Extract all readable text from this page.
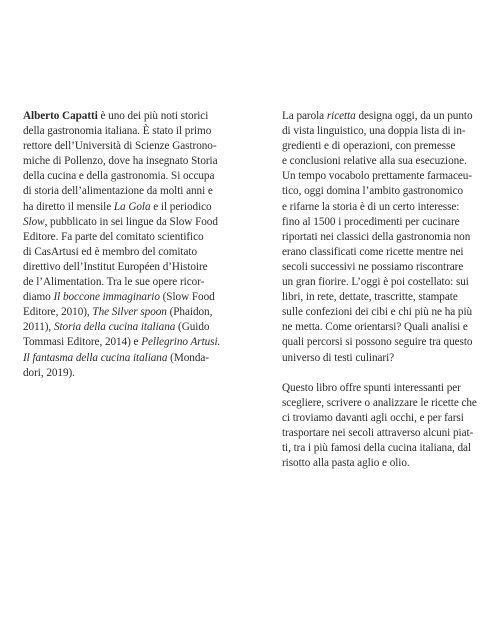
Alberto Capatti è uno dei più noti storici
della gastronomia italiana. È stato il primo
rettore dell’Università di Scienze Gastrono-
miche di Pollenzo, dove ha insegnato Storia
della cucina e della gastronomia. Si occupa
di storia dell’alimentazione da molti anni e
ha diretto il mensile La Gola e il periodico
Slow, pubblicato in sei lingue da Slow Food
Editore. Fa parte del comitato scientifico
di CasArtusi ed è membro del comitato
direttivo dell’Institut Européen d’Histoire
de l’Alimentation. Tra le sue opere ricor-
diamo Il boccone immaginario (Slow Food
Editore, 2010), The Silver spoon (Phaidon,
2011), Storia della cucina italiana (Guido
Tommasi Editore, 2014) e Pellegrino Artusi.
Il fantasma della cucina italiana (Monda-
dori, 2019).
La parola ricetta designa oggi, da un punto
di vista linguistico, una doppia lista di in-
gredienti e di operazioni, con premesse
e conclusioni relative alla sua esecuzione.
Un tempo vocabolo prettamente farmaceu-
tico, oggi domina l’ambito gastronomico
e rifarne la storia è di un certo interesse:
fino al 1500 i procedimenti per cucinare
riportati nei classici della gastronomia non
erano classificati come ricette mentre nei
secoli successivi ne possiamo riscontrare
un gran fiorire. L’oggi è poi costellato: sui
libri, in rete, dettate, trascritte, stampate
sulle confezioni dei cibi e chi più ne ha più
ne metta. Come orientarsi? Quali analisi e
quali percorsi si possono seguire tra questo
universo di testi culinari?
Questo libro offre spunti interessanti per
scegliere, scrivere o analizzare le ricette che
ci troviamo davanti agli occhi, e per farsi
trasportare nei secoli attraverso alcuni piat-
ti, tra i più famosi della cucina italiana, dal
risotto alla pasta aglio e olio.
